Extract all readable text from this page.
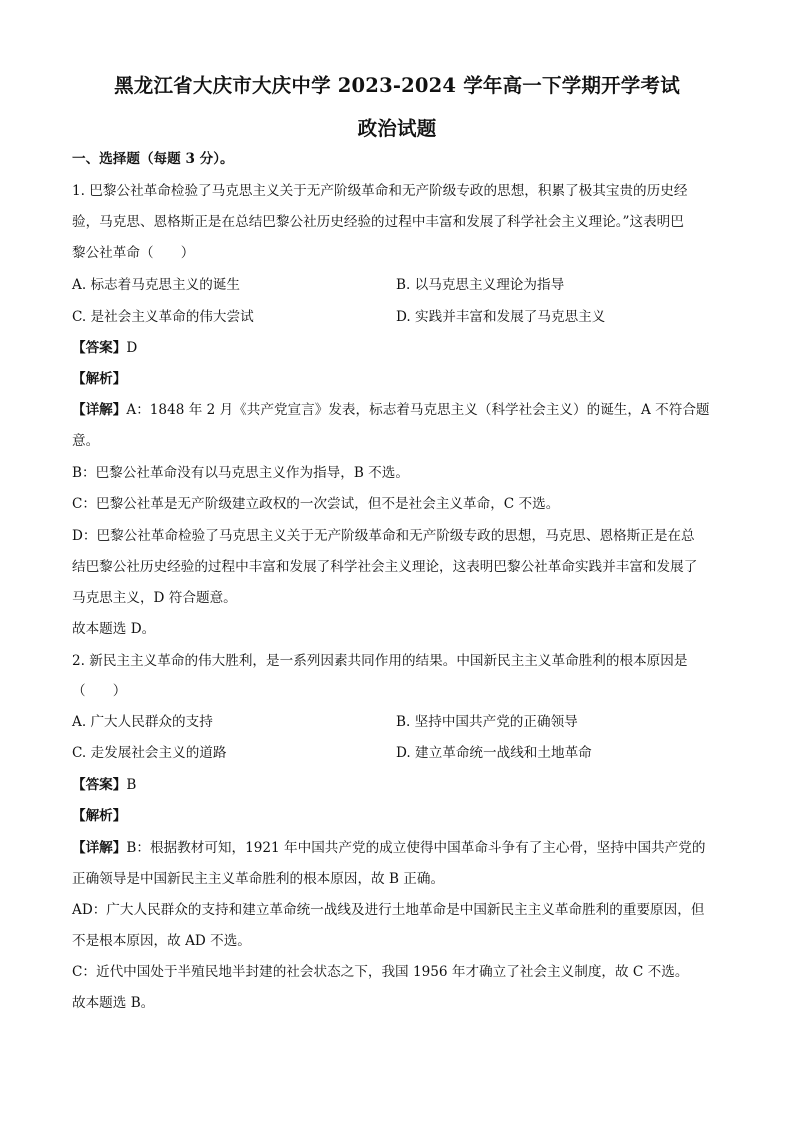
黑龙江省大庆市大庆中学 2023-2024 学年高一下学期开学考试
政治试题
一、选择题（每题 3 分）。
1. 巴黎公社革命检验了马克思主义关于无产阶级革命和无产阶级专政的思想，积累了极其宝贵的历史经
验，马克思、恩格斯正是在总结巴黎公社历史经验的过程中丰富和发展了科学社会主义理论。”这表明巴
黎公社革命（　　）
A. 标志着马克思主义的诞生	B. 以马克思主义理论为指导
C. 是社会主义革命的伟大尝试	D. 实践并丰富和发展了马克思主义
【答案】D
【解析】
【详解】A：1848 年 2 月《共产党宣言》发表，标志着马克思主义（科学社会主义）的诞生，A 不符合题
意。
B：巴黎公社革命没有以马克思主义作为指导，B 不选。
C：巴黎公社革是无产阶级建立政权的一次尝试，但不是社会主义革命，C 不选。
D：巴黎公社革命检验了马克思主义关于无产阶级革命和无产阶级专政的思想，马克思、恩格斯正是在总
结巴黎公社历史经验的过程中丰富和发展了科学社会主义理论，这表明巴黎公社革命实践并丰富和发展了
马克思主义，D 符合题意。
故本题选 D。
2. 新民主主义革命的伟大胜利，是一系列因素共同作用的结果。中国新民主主义革命胜利的根本原因是
（　　）
A. 广大人民群众的支持	B. 坚持中国共产党的正确领导
C. 走发展社会主义的道路	D. 建立革命统一战线和土地革命
【答案】B
【解析】
【详解】B：根据教材可知，1921 年中国共产党的成立使得中国革命斗争有了主心骨，坚持中国共产党的
正确领导是中国新民主主义革命胜利的根本原因，故 B 正确。
AD：广大人民群众的支持和建立革命统一战线及进行土地革命是中国新民主主义革命胜利的重要原因，但
不是根本原因，故 AD 不选。
C：近代中国处于半殖民地半封建的社会状态之下，我国 1956 年才确立了社会主义制度，故 C 不选。
故本题选 B。
